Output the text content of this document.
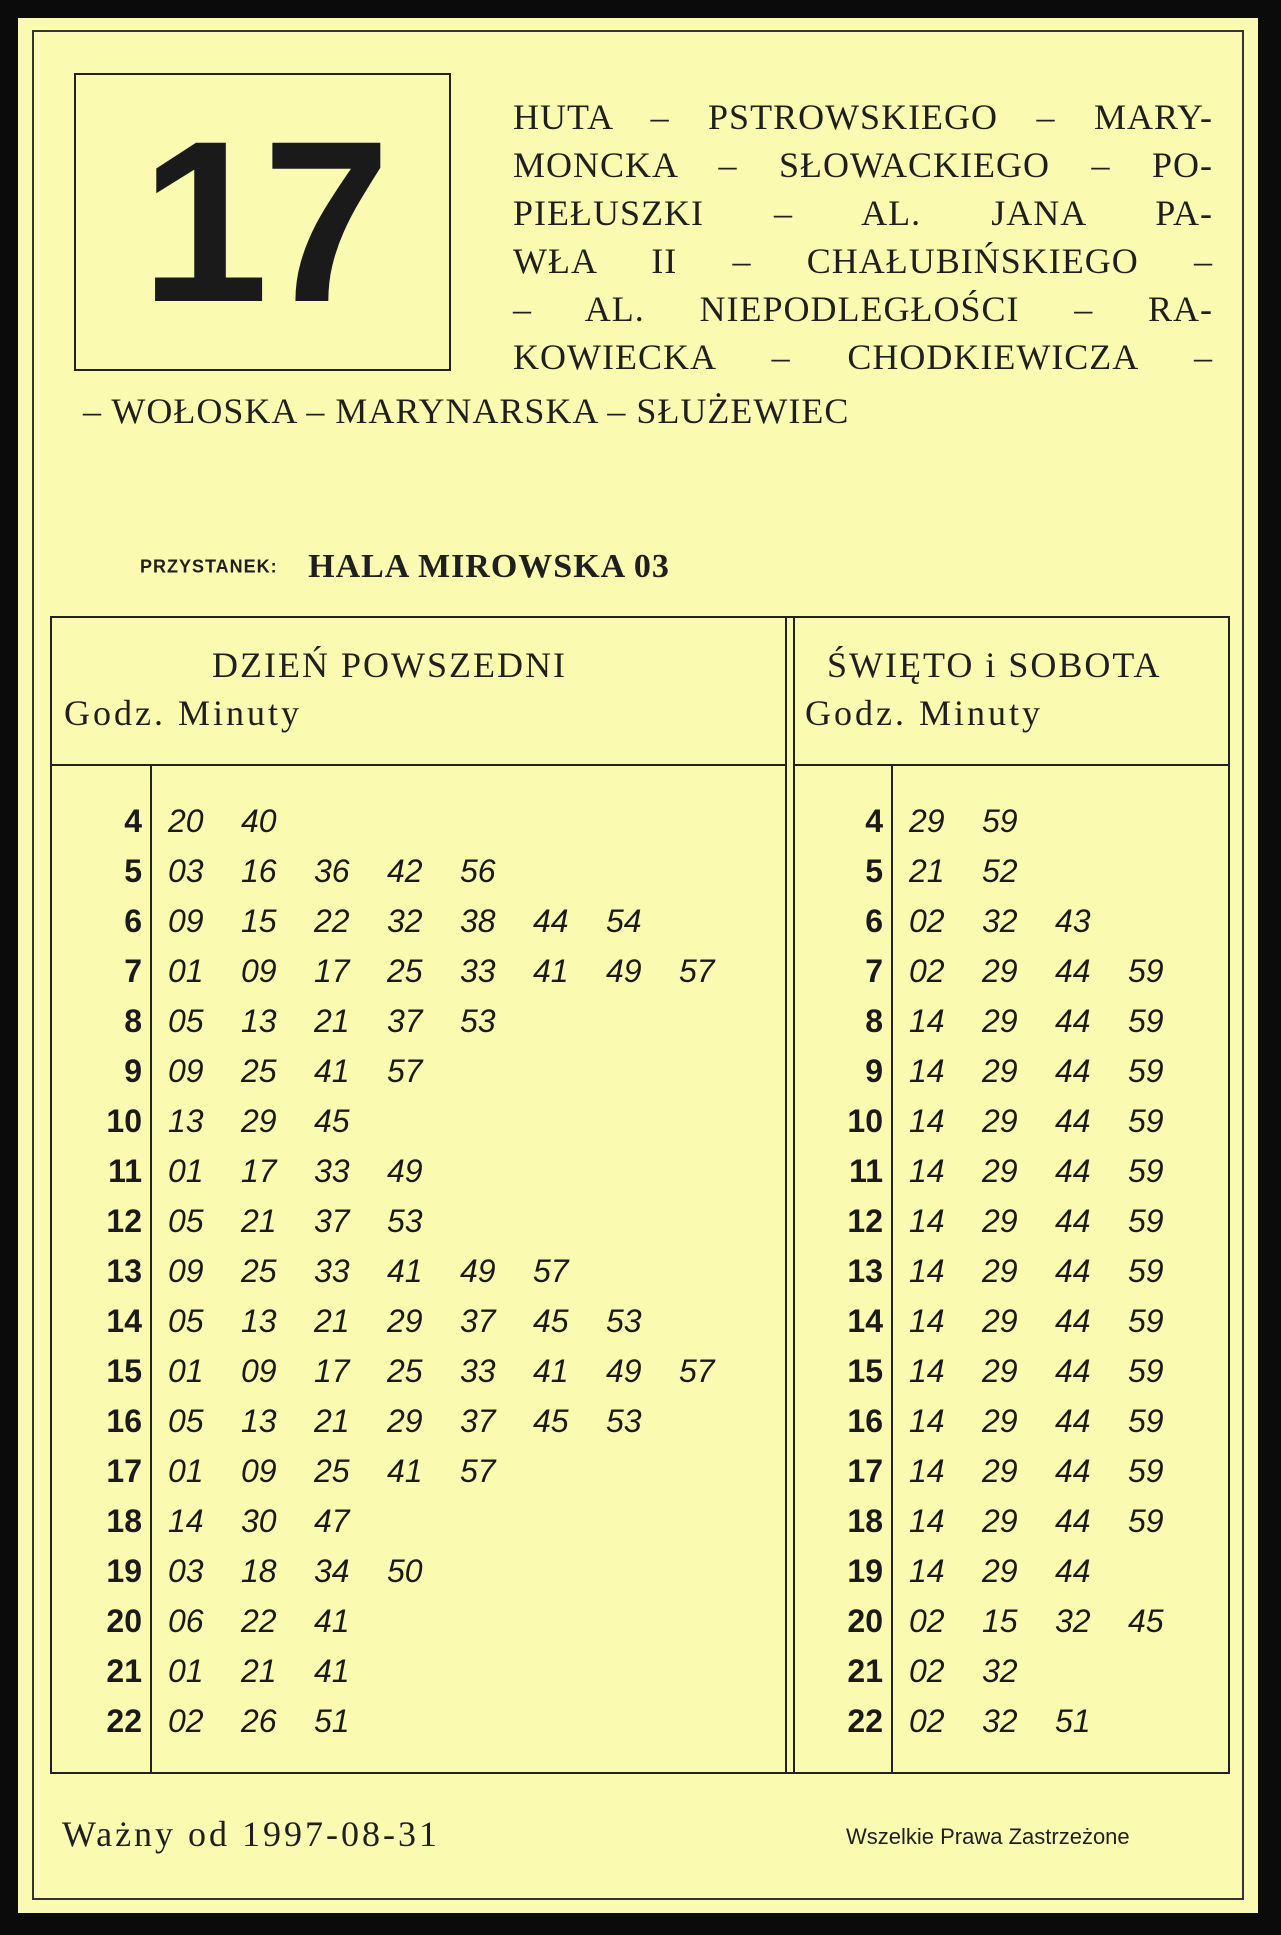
17	HUTA – PSTROWSKIEGO – MARY-
MONCKA – SŁOWACKIEGO – PO-
PIEŁUSZKI – AL. JANA PA-
WŁA II – CHAŁUBIŃSKIEGO –
– AL. NIEPODLEGŁOŚCI – RA-
KOWIECKA – CHODKIEWICZA –
– WOŁOSKA – MARYNARSKA – SŁUŻEWIEC
PRZYSTANEK: HALA MIROWSKA 03
DZIEŃ POWSZEDNI
Godz. Minuty
4 20 40
5 03 16 36 42 56
6 09 15 22 32 38 44 54
7 01 09 17 25 33 41 49 57
8 05 13 21 37 53
9 09 25 41 57
10 13 29 45
11 01 17 33 49
12 05 21 37 53
13 09 25 33 41 49 57
14 05 13 21 29 37 45 53
15 01 09 17 25 33 41 49 57
16 05 13 21 29 37 45 53
17 01 09 25 41 57
18 14 30 47
19 03 18 34 50
20 06 22 41
21 01 21 41
22 02 26 51
ŚWIĘTO i SOBOTA
Godz. Minuty
4 29 59
5 21 52
6 02 32 43
7 02 29 44 59
8 14 29 44 59
9 14 29 44 59
10 14 29 44 59
11 14 29 44 59
12 14 29 44 59
13 14 29 44 59
14 14 29 44 59
15 14 29 44 59
16 14 29 44 59
17 14 29 44 59
18 14 29 44 59
19 14 29 44
20 02 15 32 45
21 02 32
22 02 32 51
Ważny od 1997-08-31	Wszelkie Prawa Zastrzeżone
